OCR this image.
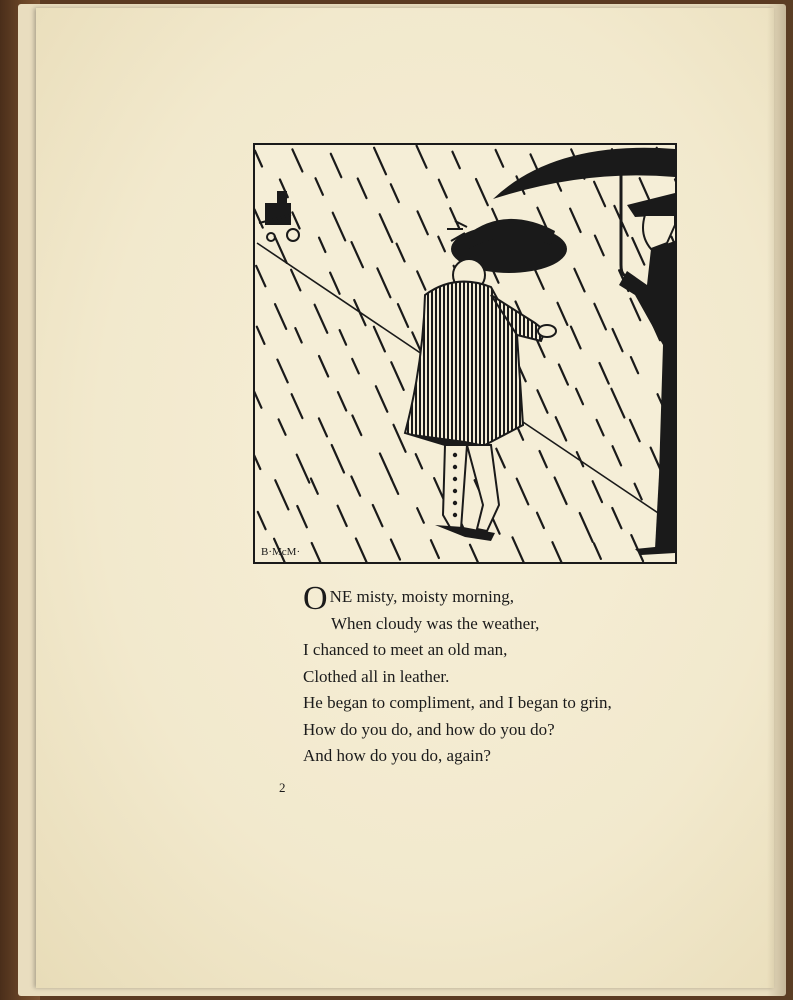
B·McM·
ONE misty, moisty morning,
When cloudy was the weather,
I chanced to meet an old man,
Clothed all in leather.
He began to compliment, and I began to grin,
How do you do, and how do you do?
And how do you do, again?
2
